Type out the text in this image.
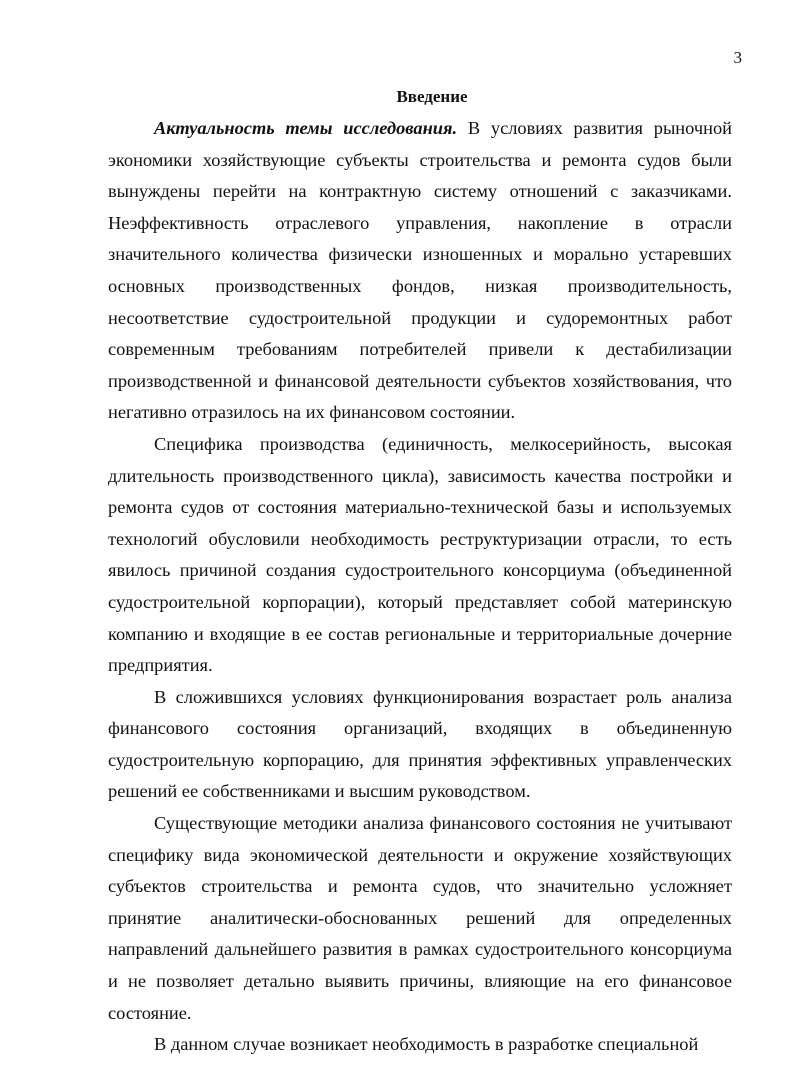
3
Введение

Актуальность темы исследования. В условиях развития рыночной экономики хозяйствующие субъекты строительства и ремонта судов были вынуждены перейти на контрактную систему отношений с заказчиками. Неэффективность отраслевого управления, накопление в отрасли значительного количества физически изношенных и морально устаревших основных производственных фондов, низкая производительность, несоответствие судостроительной продукции и судоремонтных работ современным требованиям потребителей привели к дестабилизации производственной и финансовой деятельности субъектов хозяйствования, что негативно отразилось на их финансовом состоянии.

Специфика производства (единичность, мелкосерийность, высокая длительность производственного цикла), зависимость качества постройки и ремонта судов от состояния материально-технической базы и используемых технологий обусловили необходимость реструктуризации отрасли, то есть явилось причиной создания судостроительного консорциума (объединенной судостроительной корпорации), который представляет собой материнскую компанию и входящие в ее состав региональные и территориальные дочерние предприятия.

В сложившихся условиях функционирования возрастает роль анализа финансового состояния организаций, входящих в объединенную судостроительную корпорацию, для принятия эффективных управленческих решений ее собственниками и высшим руководством.

Существующие методики анализа финансового состояния не учитывают специфику вида экономической деятельности и окружение хозяйствующих субъектов строительства и ремонта судов, что значительно усложняет принятие аналитически-обоснованных решений для определенных направлений дальнейшего развития в рамках судостроительного консорциума и не позволяет детально выявить причины, влияющие на его финансовое состояние.

В данном случае возникает необходимость в разработке специальной
